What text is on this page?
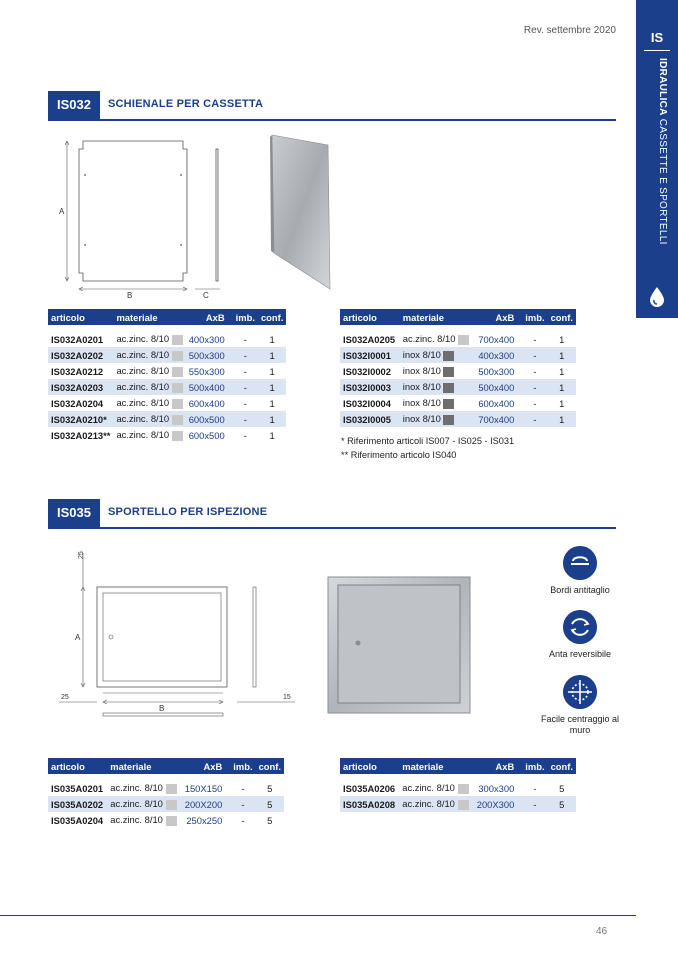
IS
IDRAULICA CASSETTE E SPORTELLI
Rev. settembre 2020
IS032	SCHIENALE PER CASSETTA
A
B	C
articolo	materiale	AxB	imb.	conf.

IS032A0201	ac.zinc. 8/10	400x300	-	1
IS032A0202	ac.zinc. 8/10	500x300	-	1
IS032A0212	ac.zinc. 8/10	550x300	-	1
IS032A0203	ac.zinc. 8/10	500x400	-	1
IS032A0204	ac.zinc. 8/10	600x400	-	1
IS032A0210*	ac.zinc. 8/10	600x500	-	1
IS032A0213**	ac.zinc. 8/10	600x500	-	1
articolo	materiale	AxB	imb.	conf.

IS032A0205	ac.zinc. 8/10	700x400	-	1
IS032I0001	inox 8/10	400x300	-	1
IS032I0002	inox 8/10	500x300	-	1
IS032I0003	inox 8/10	500x400	-	1
IS032I0004	inox 8/10	600x400	-	1
IS032I0005	inox 8/10	700x400	-	1
* Riferimento articoli IS007 - IS025 - IS031
** Riferimento articolo IS040
IS035	SPORTELLO PER ISPEZIONE
25
A
25
B
15
Bordi antitaglio
Anta reversibile
Facile centraggio al muro
articolo	materiale	AxB	imb.	conf.

IS035A0201	ac.zinc. 8/10	150X150	-	5
IS035A0202	ac.zinc. 8/10	200X200	-	5
IS035A0204	ac.zinc. 8/10	250x250	-	5
articolo	materiale	AxB	imb.	conf.

IS035A0206	ac.zinc. 8/10	300x300	-	5
IS035A0208	ac.zinc. 8/10	200X300	-	5
46
